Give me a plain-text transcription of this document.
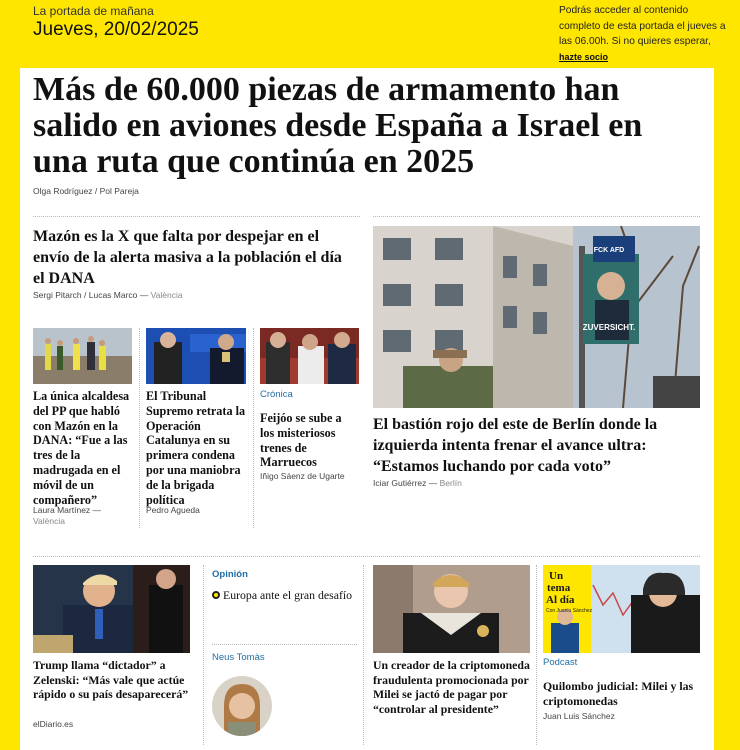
La portada de mañana
Jueves, 20/02/2025
Podrás acceder al contenido completo de esta portada el jueves a las 06.00h. Si no quieres esperar, hazte socio
Más de 60.000 piezas de armamento han salido en aviones desde España a Israel en una ruta que continúa en 2025
Olga Rodríguez / Pol Pareja
Mazón es la X que falta por despejar en el envío de la alerta masiva a la población el día el DANA
Sergi Pitarch / Lucas Marco — València
La única alcaldesa del PP que habló con Mazón en la DANA: “Fue a las tres de la madrugada en el móvil de un compañero”
Laura Martínez — València
El Tribunal Supremo retrata la Operación Catalunya en su primera condena por una maniobra de la brigada política
Pedro Agueda
Crónica
Feijóo se sube a los misteriosos trenes de Marruecos
Iñigo Sáenz de Ugarte
ZUVERSICHT.
FCK AFD
El bastión rojo del este de Berlín donde la izquierda intenta frenar el avance ultra: “Estamos luchando por cada voto”
Iciar Gutiérrez — Berlín
Trump llama “dictador” a Zelenski: “Más vale que actúe rápido o su país desaparecerá”
elDiario.es
Opinión
Europa ante el gran desafío
Neus Tomàs
Un creador de la criptomoneda fraudulenta promocionada por Milei se jactó de pagar por “controlar al presidente”
Un
tema
Al día
Con Juanlu Sánchez
Podcast
Quilombo judicial: Milei y las criptomonedas
Juan Luis Sánchez
